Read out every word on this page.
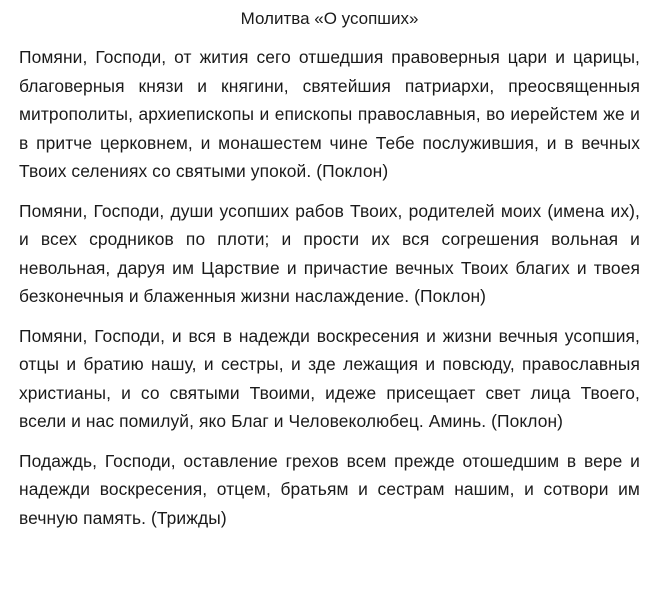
Молитва «О усопших»

Помяни, Господи, от жития сего отшедшия правоверныя цари и царицы, благоверныя князи и княгини, святейшия патриархи, преосвященныя митрополиты, архиепископы и епископы православныя, во иерейстем же и в притче церковнем, и монашестем чине Тебе послужившия, и в вечных Твоих селениях со святыми упокой. (Поклон)

Помяни, Господи, души усопших рабов Твоих, родителей моих (имена их), и всех сродников по плоти; и прости их вся согрешения вольная и невольная, даруя им Царствие и причастие вечных Твоих благих и твоея безконечныя и блаженныя жизни наслаждение. (Поклон)

Помяни, Господи, и вся в надежди воскресения и жизни вечныя усопшия, отцы и братию нашу, и сестры, и зде лежащия и повсюду, православныя христианы, и со святыми Твоими, идеже присещает свет лица Твоего, всели и нас помилуй, яко Благ и Человеколюбец. Аминь. (Поклон)

Подаждь, Господи, оставление грехов всем прежде отошедшим в вере и надежди воскресения, отцем, братьям и сестрам нашим, и сотвори им вечную память. (Трижды)
